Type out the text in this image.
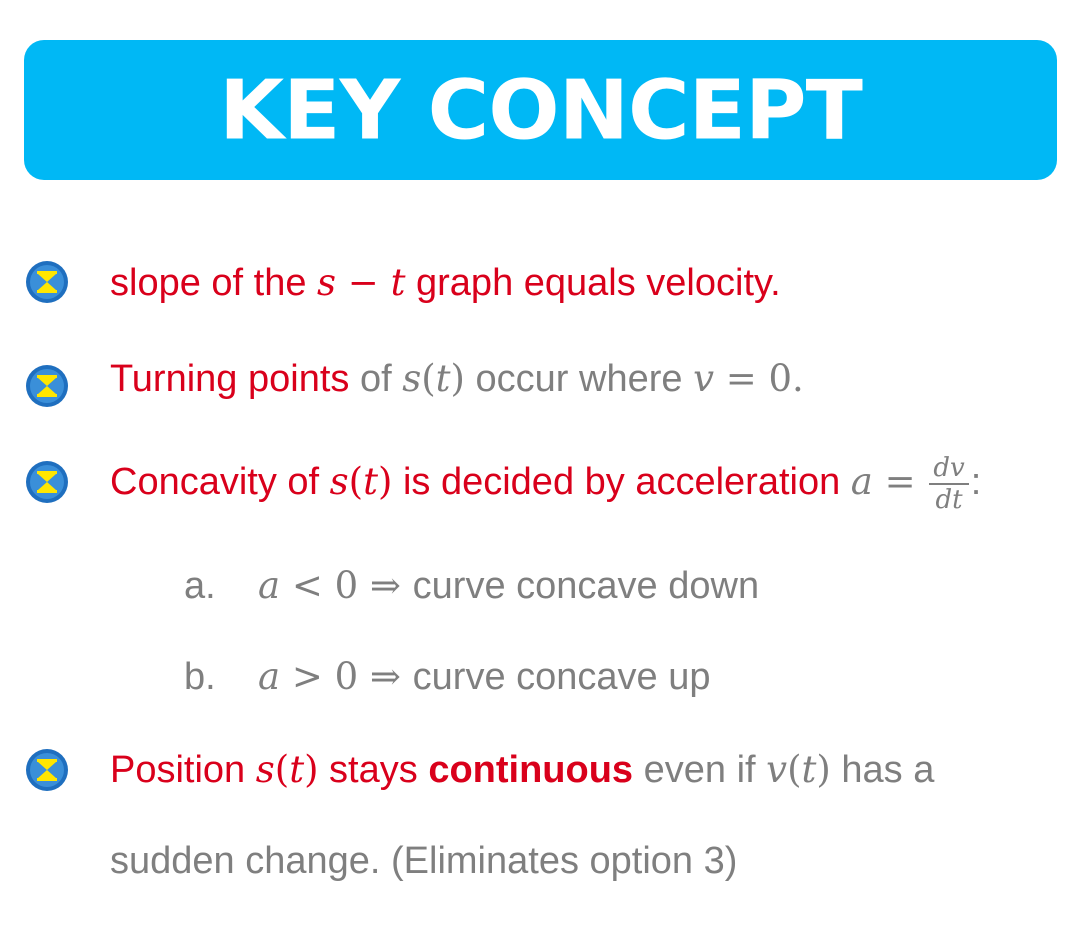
KEY CONCEPT
slope of the s − t graph equals velocity.
Turning points of s(t) occur where v = 0.
Concavity of s(t) is decided by acceleration $a = \frac{dv}{dt}$ :
a. a < 0 ⇒ curve concave down
b. a > 0 ⇒ curve concave up
Position s(t) stays continuous even if v(t) has a
sudden change. (Eliminates option 3)
